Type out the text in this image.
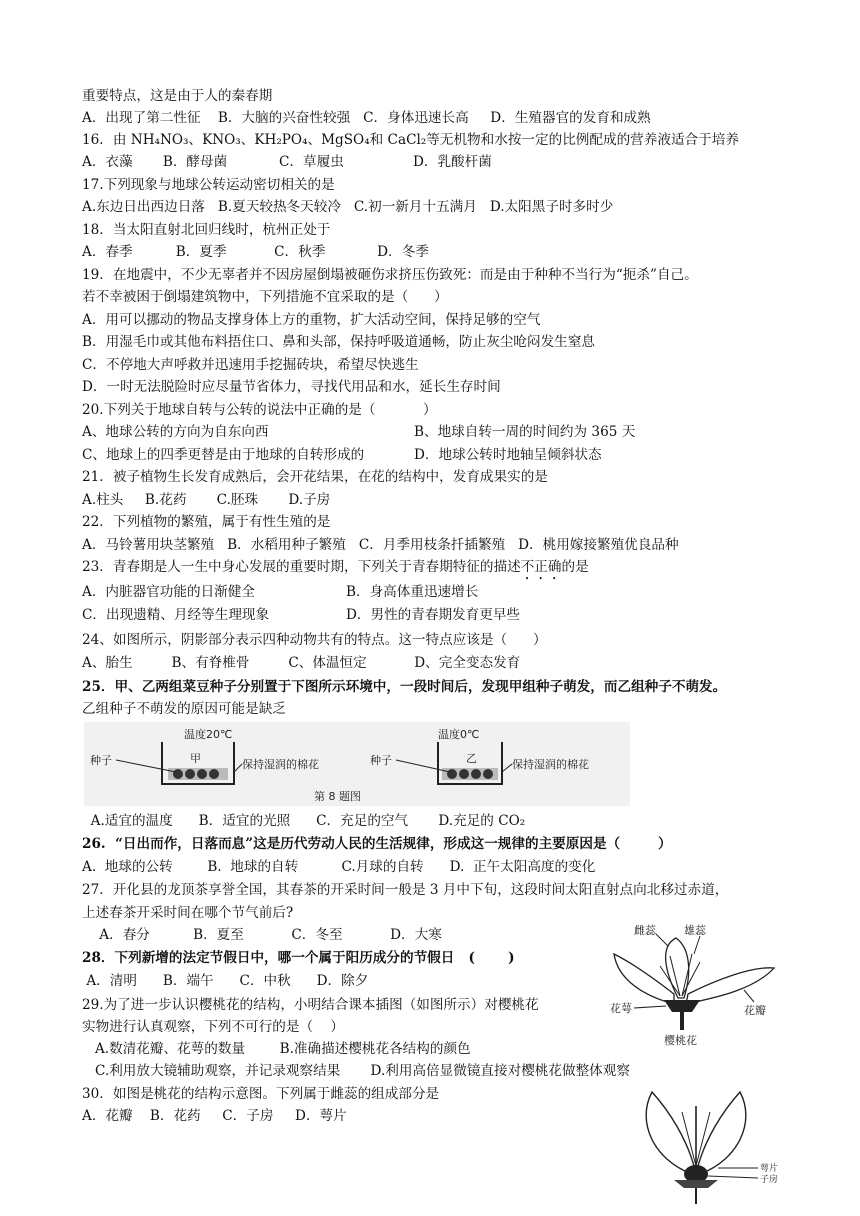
重要特点，这是由于人的秦春期
A．出现了第二性征    B．大脑的兴奋性较强   C．身体迅速长高     D．生殖器官的发育和成熟
16．由 NH₄NO₃、KNO₃、KH₂PO₄、MgSO₄和 CaCl₂等无机物和水按一定的比例配成的营养液适合于培养
A．衣藻       B．酵母菌            C．草履虫                D．乳酸杆菌
17.下列现象与地球公转运动密切相关的是
A.东边日出西边日落   B.夏天较热冬天较冷   C.初一新月十五满月   D.太阳黑子时多时少
18．当太阳直射北回归线时，杭州正处于
A．春季          B．夏季           C．秋季            D．冬季
19．在地震中，不少无辜者并不因房屋倒塌被砸伤求挤压伤致死：而是由于种种不当行为“扼杀”自己。
若不幸被困于倒塌建筑物中，下列措施不宜采取的是（      ）
A．用可以挪动的物品支撑身体上方的重物，扩大活动空间，保持足够的空气
B．用湿毛巾或其他布料捂住口、鼻和头部，保持呼吸道通畅，防止灰尘呛闷发生窒息
C．不停地大声呼救并迅速用手挖掘砖块，希望尽快逃生
D．一时无法脱险时应尽量节省体力，寻找代用品和水，延长生存时间
20.下列关于地球自转与公转的说法中正确的是（           ）
A、地球公转的方向为自东向西	B、地球自转一周的时间约为 365 天
C、地球上的四季更替是由于地球的自转形成的	D．地球公转时地轴呈倾斜状态
21．被子植物生长发育成熟后，会开花结果，在花的结构中，发育成果实的是
A.柱头     B.花药       C.胚珠       D.子房
22．下列植物的繁殖，属于有性生殖的是
A．马铃薯用块茎繁殖   B．水稻用种子繁殖   C．月季用枝条扦插繁殖   D．桃用嫁接繁殖优良品种
23．青春期是人一生中身心发展的重要时期，下列关于青春期特征的描述不正确的是
A．内脏器官功能的日渐健全	B．身高体重迅速增长
C．出现遗精、月经等生理现象	D．男性的青春期发育更早些
24、如图所示，阴影部分表示四种动物共有的特点。这一特点应该是（      ）
A、胎生         B、有脊椎骨         C、体温恒定           D、完全变态发育
25．甲、乙两组菜豆种子分别置于下图所示环境中，一段时间后，发现甲组种子萌发，而乙组种子不萌发。
乙组种子不萌发的原因可能是缺乏
温度20℃
甲
种子	保持湿润的棉花
温度0℃
乙
种子	保持湿润的棉花
第 8 题图
A.适宜的温度      B．适宜的光照      C．充足的空气       D.充足的 CO₂
26.  “日出而作，日落而息”这是历代劳动人民的生活规律，形成这一规律的主要原因是（        ）
A.  地球的公转        B.  地球的自转          C.月球的自转      D.  正午太阳高度的变化
27．开化县的龙顶茶享誉全国，其春茶的开采时间一般是 3 月中下旬，这段时间太阳直射点向北移过赤道，
上述春茶开采时间在哪个节气前后?
A．春分          B．夏至           C．冬至           D．大寒
28．下列新增的法定节假日中，哪一个属于阳历成分的节假日   (       )
A．清明      B．端午      C．中秋      D．除夕
29.为了进一步认识樱桃花的结构，小明结合课本插图（如图所示）对樱桃花
实物进行认真观察，下列不可行的是（    ）
A.数清花瓣、花萼的数量        B.准确描述樱桃花各结构的颜色
C.利用放大镜辅助观察，并记录观察结果       D.利用高倍显微镜直接对樱桃花做整体观察
30．如图是桃花的结构示意图。下列属于雌蕊的组成部分是
A．花瓣    B．花药     C．子房     D．萼片
雌蕊	雄蕊
花萼	花瓣
樱桃花
萼片
子房
